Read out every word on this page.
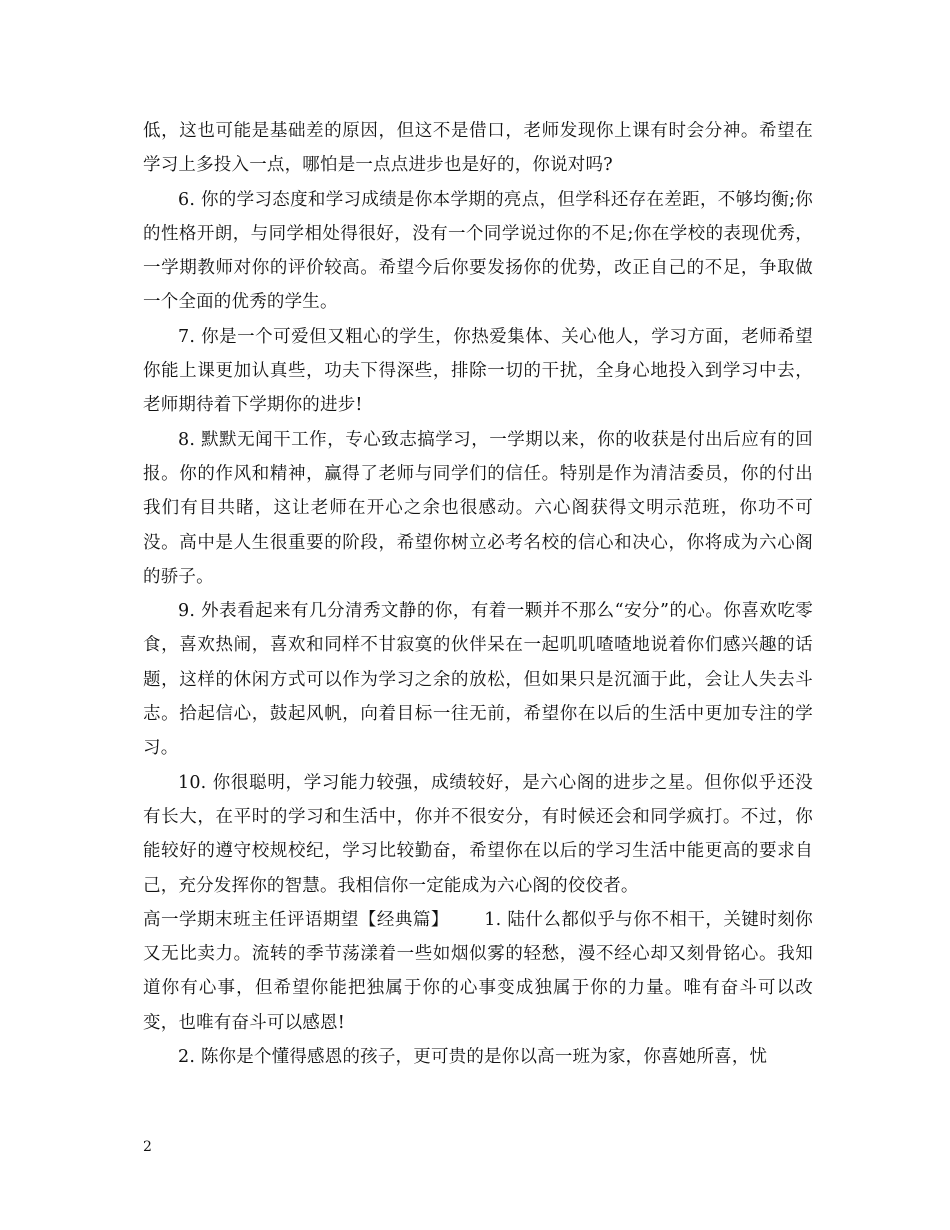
低，这也可能是基础差的原因，但这不是借口，老师发现你上课有时会分神。希望在学习上多投入一点，哪怕是一点点进步也是好的，你说对吗?

6. 你的学习态度和学习成绩是你本学期的亮点，但学科还存在差距，不够均衡;你的性格开朗，与同学相处得很好，没有一个同学说过你的不足;你在学校的表现优秀，一学期教师对你的评价较高。希望今后你要发扬你的优势，改正自己的不足，争取做一个全面的优秀的学生。

7. 你是一个可爱但又粗心的学生，你热爱集体、关心他人，学习方面，老师希望你能上课更加认真些，功夫下得深些，排除一切的干扰，全身心地投入到学习中去，老师期待着下学期你的进步!

8. 默默无闻干工作，专心致志搞学习，一学期以来，你的收获是付出后应有的回报。你的作风和精神，赢得了老师与同学们的信任。特别是作为清洁委员，你的付出我们有目共睹，这让老师在开心之余也很感动。六心阁获得文明示范班，你功不可没。高中是人生很重要的阶段，希望你树立必考名校的信心和决心，你将成为六心阁的骄子。

9. 外表看起来有几分清秀文静的你，有着一颗并不那么“安分”的心。你喜欢吃零食，喜欢热闹，喜欢和同样不甘寂寞的伙伴呆在一起叽叽喳喳地说着你们感兴趣的话题，这样的休闲方式可以作为学习之余的放松，但如果只是沉湎于此，会让人失去斗志。拾起信心，鼓起风帆，向着目标一往无前，希望你在以后的生活中更加专注的学习。

10. 你很聪明，学习能力较强，成绩较好，是六心阁的进步之星。但你似乎还没有长大，在平时的学习和生活中，你并不很安分，有时候还会和同学疯打。不过，你能较好的遵守校规校纪，学习比较勤奋，希望你在以后的学习生活中能更高的要求自己，充分发挥你的智慧。我相信你一定能成为六心阁的佼佼者。

高一学期末班主任评语期望【经典篇】   1. 陆什么都似乎与你不相干，关键时刻你又无比卖力。流转的季节荡漾着一些如烟似雾的轻愁，漫不经心却又刻骨铭心。我知道你有心事，但希望你能把独属于你的心事变成独属于你的力量。唯有奋斗可以改变，也唯有奋斗可以感恩!

2. 陈你是个懂得感恩的孩子，更可贵的是你以高一班为家，你喜她所喜，忧

2
